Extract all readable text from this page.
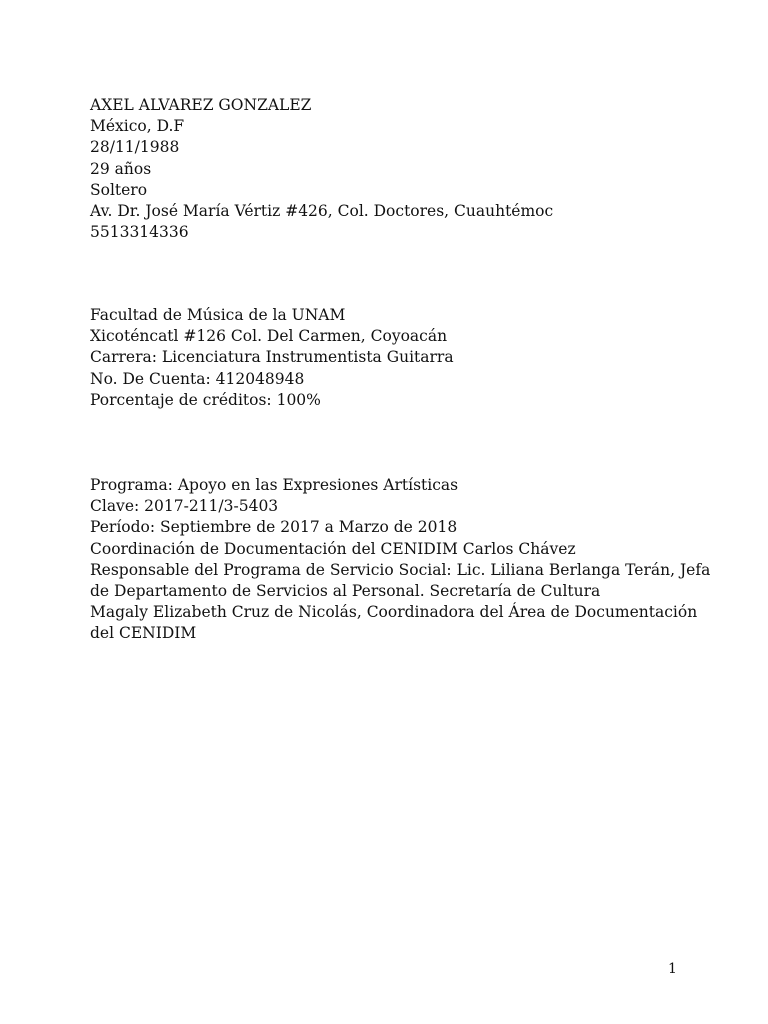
AXEL ALVAREZ GONZALEZ
México, D.F
28/11/1988
29 años
Soltero
Av. Dr. José María Vértiz #426, Col. Doctores, Cuauhtémoc
5513314336
Facultad de Música de la UNAM
Xicoténcatl #126 Col. Del Carmen, Coyoacán
Carrera: Licenciatura Instrumentista Guitarra
No. De Cuenta: 412048948
Porcentaje de créditos: 100%
Programa: Apoyo en las Expresiones Artísticas
Clave: 2017-211/3-5403
Período: Septiembre de 2017 a Marzo de 2018
Coordinación de Documentación del CENIDIM Carlos Chávez
Responsable del Programa de Servicio Social: Lic. Liliana Berlanga Terán, Jefa
de Departamento de Servicios al Personal. Secretaría de Cultura
Magaly Elizabeth Cruz de Nicolás, Coordinadora del Área de Documentación
del CENIDIM
1
